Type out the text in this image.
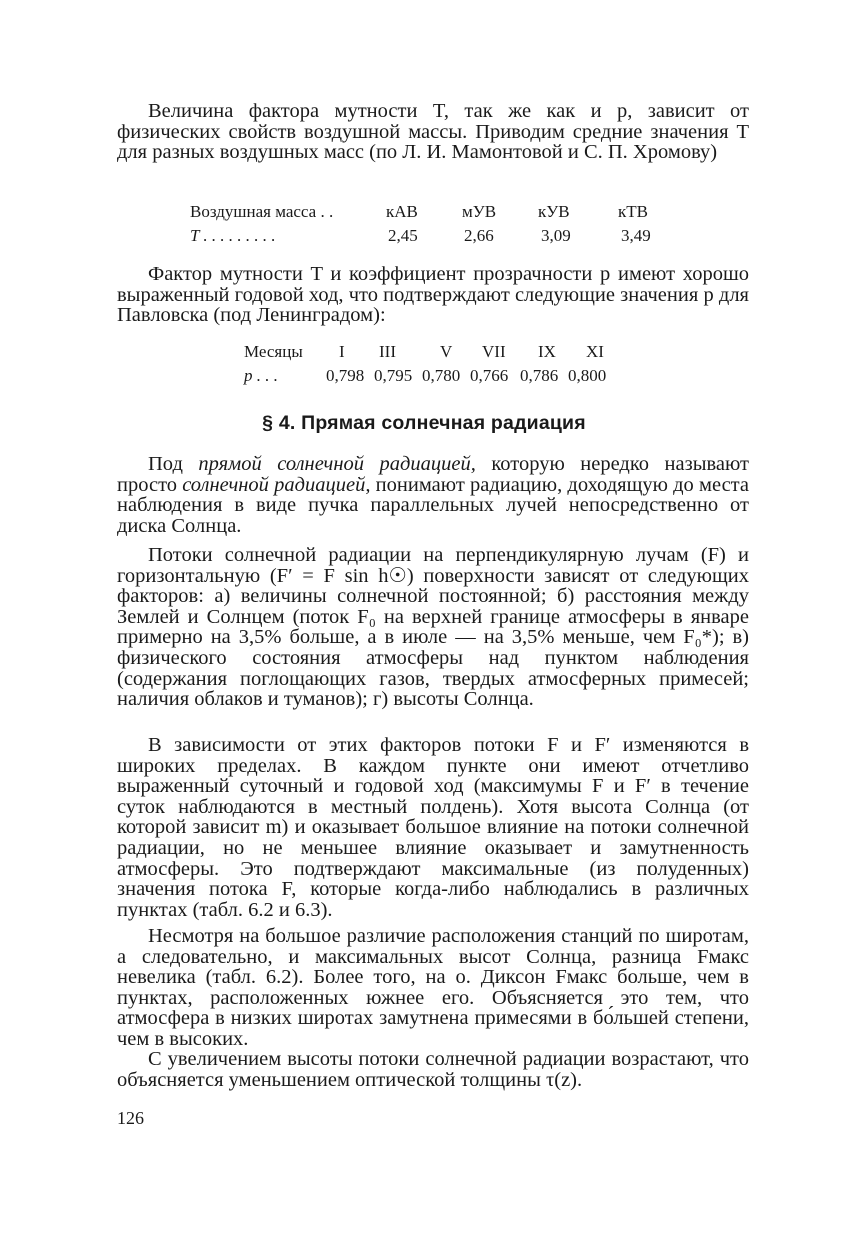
Величина фактора мутности T, так же как и p, зависит от физических свойств воздушной массы. Приводим средние значения T для разных воздушных масс (по Л. И. Мамонтовой и С. П. Хромову)

Воздушная масса . .	кАВ	мУВ кУВ	кТВ
T . . . . . . . . .	2,45	2,66	3,09	3,49

Фактор мутности T и коэффициент прозрачности p имеют хорошо выраженный годовой ход, что подтверждают следующие значения p для Павловска (под Ленинградом):

Месяцы I III	V VII IX XI
p . . .	0,798 0,795 0,780 0,766 0,786 0,800
§ 4. Прямая солнечная радиация

Под прямой солнечной радиацией, которую нередко называют просто солнечной радиацией, понимают радиацию, доходящую до места наблюдения в виде пучка параллельных лучей непосредственно от диска Солнца.

Потоки солнечной радиации на перпендикулярную лучам (F) и горизонтальную (F′ = F sin h☉) поверхности зависят от следующих факторов: а) величины солнечной постоянной; б) расстояния между Землей и Солнцем (поток F₀ на верхней границе атмосферы в январе примерно на 3,5% больше, а в июле — на 3,5% меньше, чем F₀*); в) физического состояния атмосферы над пунктом наблюдения (содержания поглощающих газов, твердых атмосферных примесей; наличия облаков и туманов); г) высоты Солнца.

В зависимости от этих факторов потоки F и F′ изменяются в широких пределах. В каждом пункте они имеют отчетливо выраженный суточный и годовой ход (максимумы F и F′ в течение суток наблюдаются в местный полдень). Хотя высота Солнца (от которой зависит m) и оказывает большое влияние на потоки солнечной радиации, но не меньшее влияние оказывает и замутненность атмосферы. Это подтверждают максимальные (из полуденных) значения потока F, которые когда-либо наблюдались в различных пунктах (табл. 6.2 и 6.3).

Несмотря на большое различие расположения станций по широтам, а следовательно, и максимальных высот Солнца, разница Fмакс невелика (табл. 6.2). Более того, на о. Диксон Fмакс больше, чем в пунктах, расположенных южнее его. Объясняется это тем, что атмосфера в низких широтах замутнена примесями в бо́льшей степени, чем в высоких.

С увеличением высоты потоки солнечной радиации возрастают, что объясняется уменьшением оптической толщины τ(z).

126
